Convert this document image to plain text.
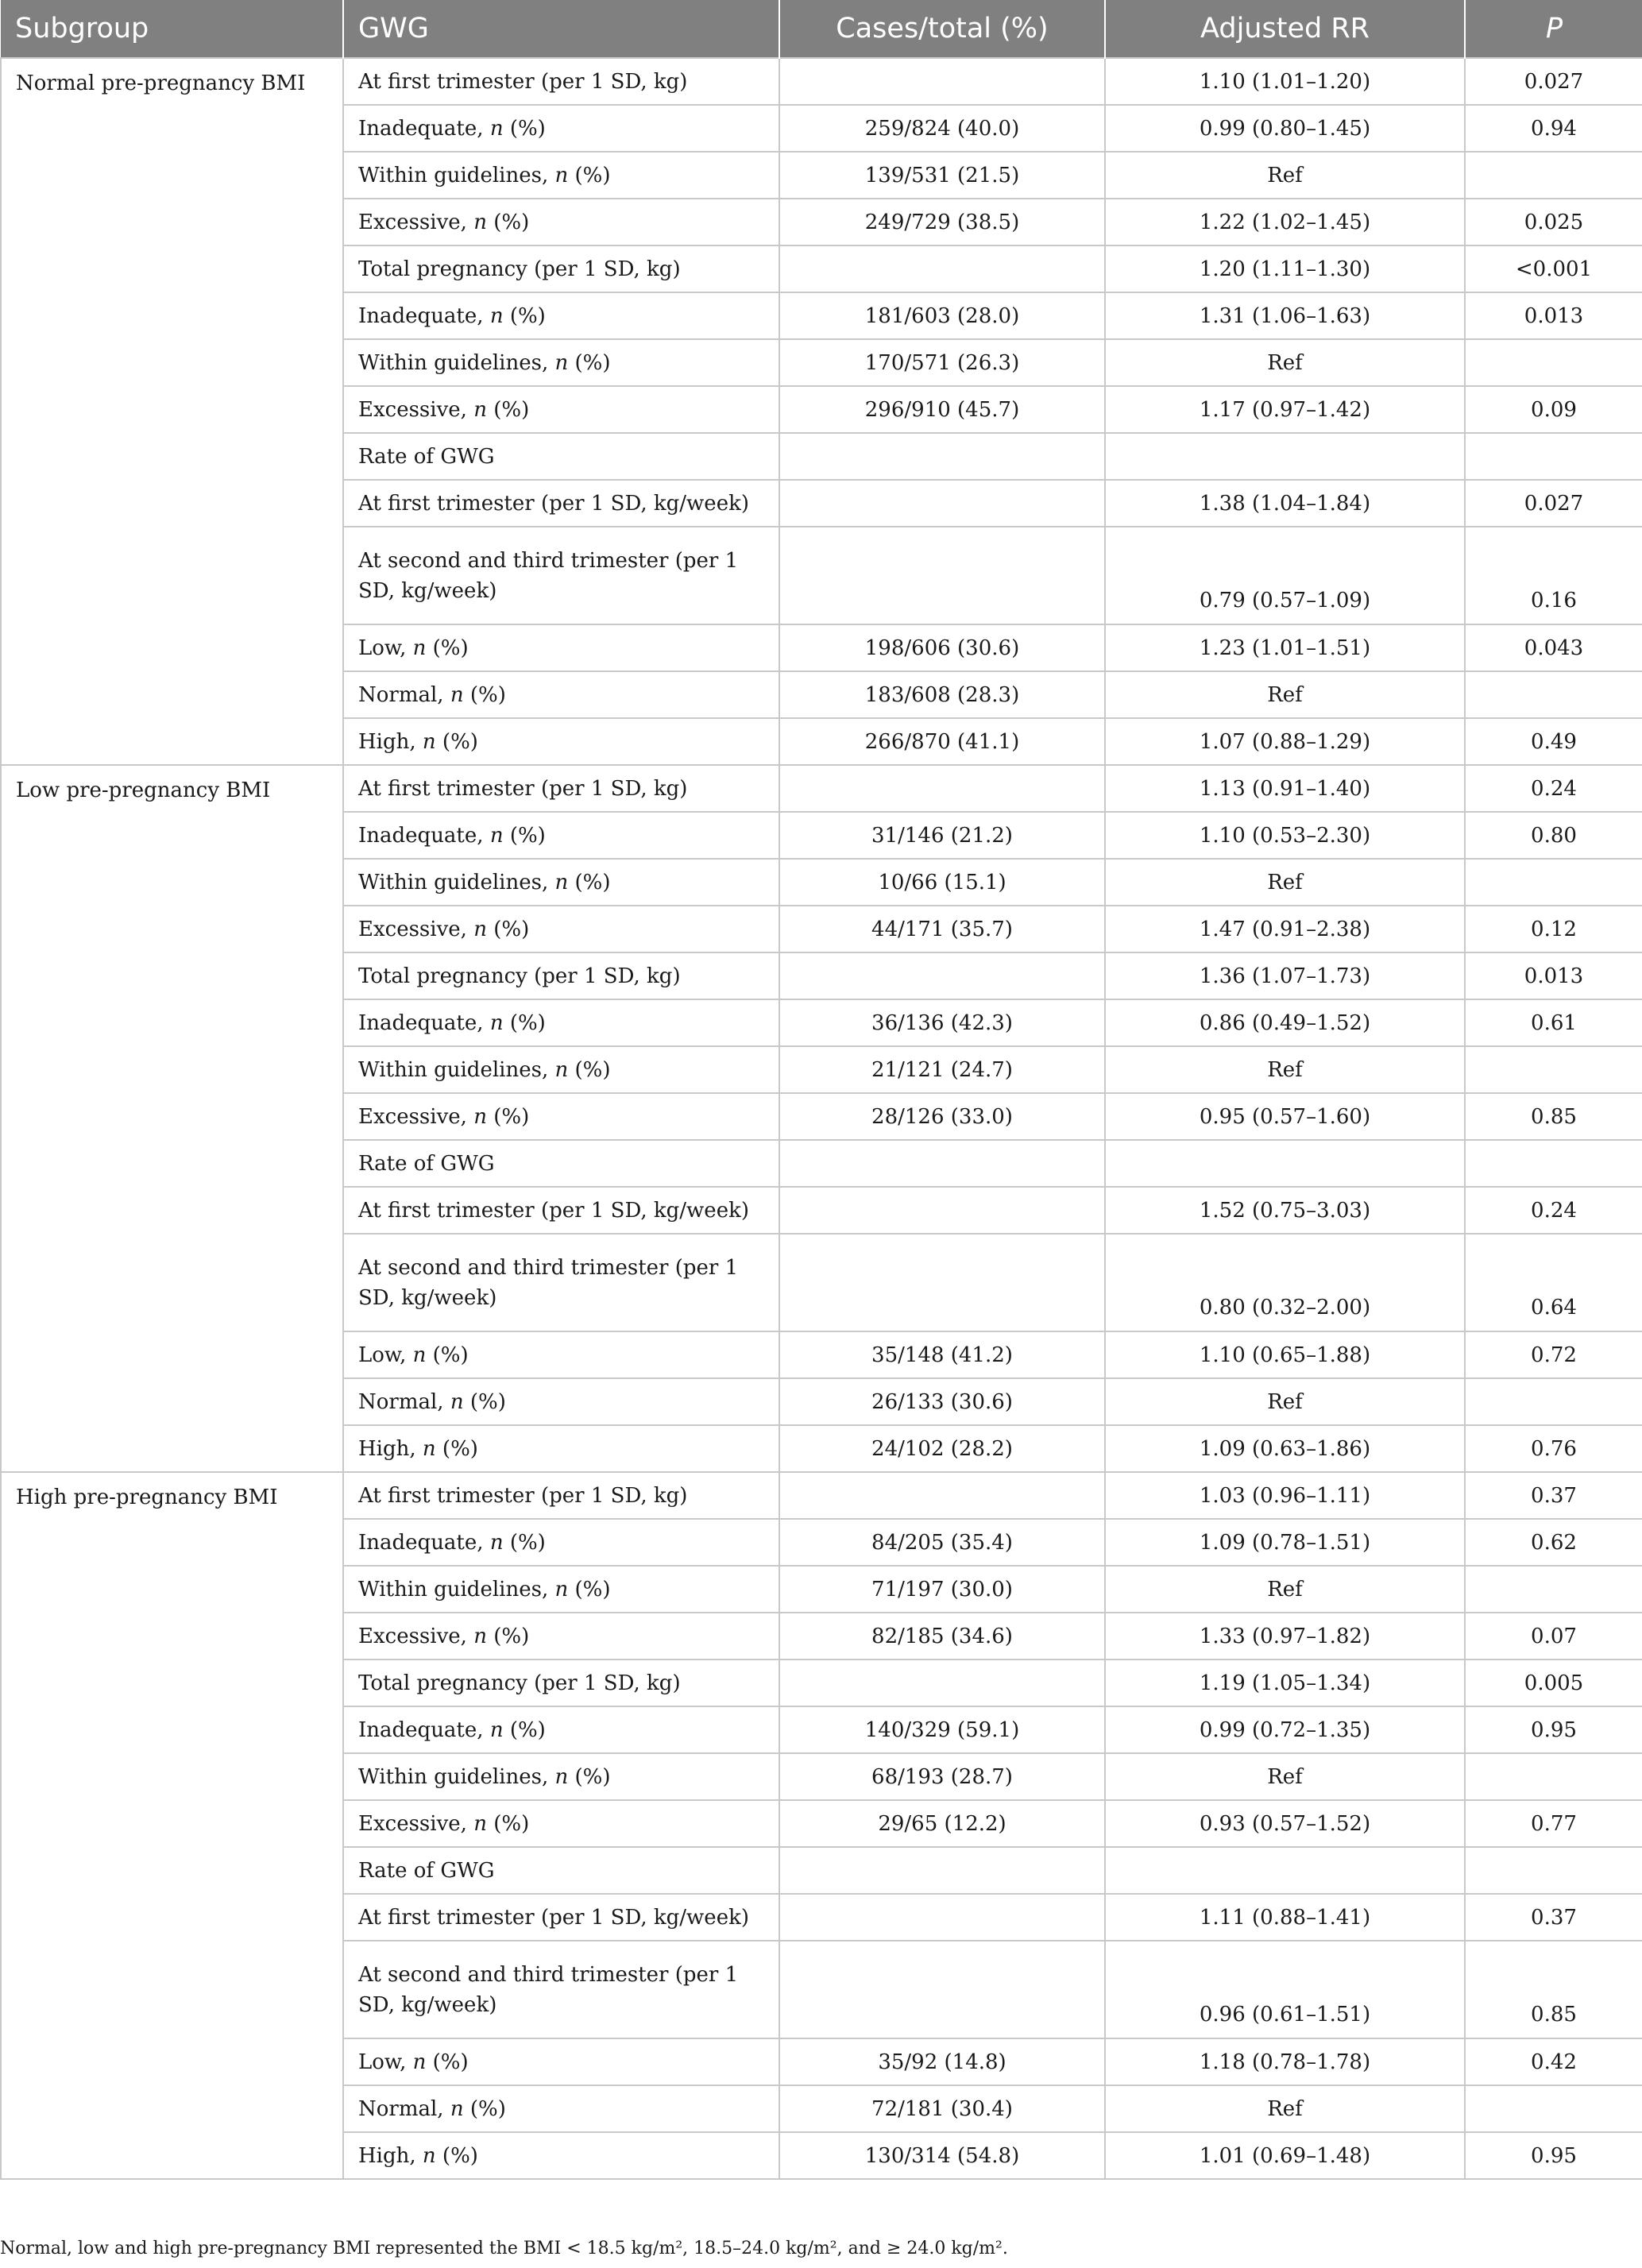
Subgroup	GWG	Cases/total (%)	Adjusted RR	P
Normal pre-pregnancy BMI	At first trimester (per 1 SD, kg)		1.10 (1.01–1.20)	0.027
	Inadequate, n (%)	259/824 (40.0)	0.99 (0.80–1.45)	0.94
	Within guidelines, n (%)	139/531 (21.5)	Ref	
	Excessive, n (%)	249/729 (38.5)	1.22 (1.02–1.45)	0.025
	Total pregnancy (per 1 SD, kg)		1.20 (1.11–1.30)	<0.001
	Inadequate, n (%)	181/603 (28.0)	1.31 (1.06–1.63)	0.013
	Within guidelines, n (%)	170/571 (26.3)	Ref	
	Excessive, n (%)	296/910 (45.7)	1.17 (0.97–1.42)	0.09
	Rate of GWG			
	At first trimester (per 1 SD, kg/week)		1.38 (1.04–1.84)	0.027
	At second and third trimester (per 1 SD, kg/week)		0.79 (0.57–1.09)	0.16
	Low, n (%)	198/606 (30.6)	1.23 (1.01–1.51)	0.043
	Normal, n (%)	183/608 (28.3)	Ref	
	High, n (%)	266/870 (41.1)	1.07 (0.88–1.29)	0.49
Low pre-pregnancy BMI	At first trimester (per 1 SD, kg)		1.13 (0.91–1.40)	0.24
	Inadequate, n (%)	31/146 (21.2)	1.10 (0.53–2.30)	0.80
	Within guidelines, n (%)	10/66 (15.1)	Ref	
	Excessive, n (%)	44/171 (35.7)	1.47 (0.91–2.38)	0.12
	Total pregnancy (per 1 SD, kg)		1.36 (1.07–1.73)	0.013
	Inadequate, n (%)	36/136 (42.3)	0.86 (0.49–1.52)	0.61
	Within guidelines, n (%)	21/121 (24.7)	Ref	
	Excessive, n (%)	28/126 (33.0)	0.95 (0.57–1.60)	0.85
	Rate of GWG			
	At first trimester (per 1 SD, kg/week)		1.52 (0.75–3.03)	0.24
	At second and third trimester (per 1 SD, kg/week)		0.80 (0.32–2.00)	0.64
	Low, n (%)	35/148 (41.2)	1.10 (0.65–1.88)	0.72
	Normal, n (%)	26/133 (30.6)	Ref	
	High, n (%)	24/102 (28.2)	1.09 (0.63–1.86)	0.76
High pre-pregnancy BMI	At first trimester (per 1 SD, kg)		1.03 (0.96–1.11)	0.37
	Inadequate, n (%)	84/205 (35.4)	1.09 (0.78–1.51)	0.62
	Within guidelines, n (%)	71/197 (30.0)	Ref	
	Excessive, n (%)	82/185 (34.6)	1.33 (0.97–1.82)	0.07
	Total pregnancy (per 1 SD, kg)		1.19 (1.05–1.34)	0.005
	Inadequate, n (%)	140/329 (59.1)	0.99 (0.72–1.35)	0.95
	Within guidelines, n (%)	68/193 (28.7)	Ref	
	Excessive, n (%)	29/65 (12.2)	0.93 (0.57–1.52)	0.77
	Rate of GWG			
	At first trimester (per 1 SD, kg/week)		1.11 (0.88–1.41)	0.37
	At second and third trimester (per 1 SD, kg/week)		0.96 (0.61–1.51)	0.85
	Low, n (%)	35/92 (14.8)	1.18 (0.78–1.78)	0.42
	Normal, n (%)	72/181 (30.4)	Ref	
	High, n (%)	130/314 (54.8)	1.01 (0.69–1.48)	0.95
Normal, low and high pre-pregnancy BMI represented the BMI < 18.5 kg/m², 18.5–24.0 kg/m², and ≥ 24.0 kg/m².
